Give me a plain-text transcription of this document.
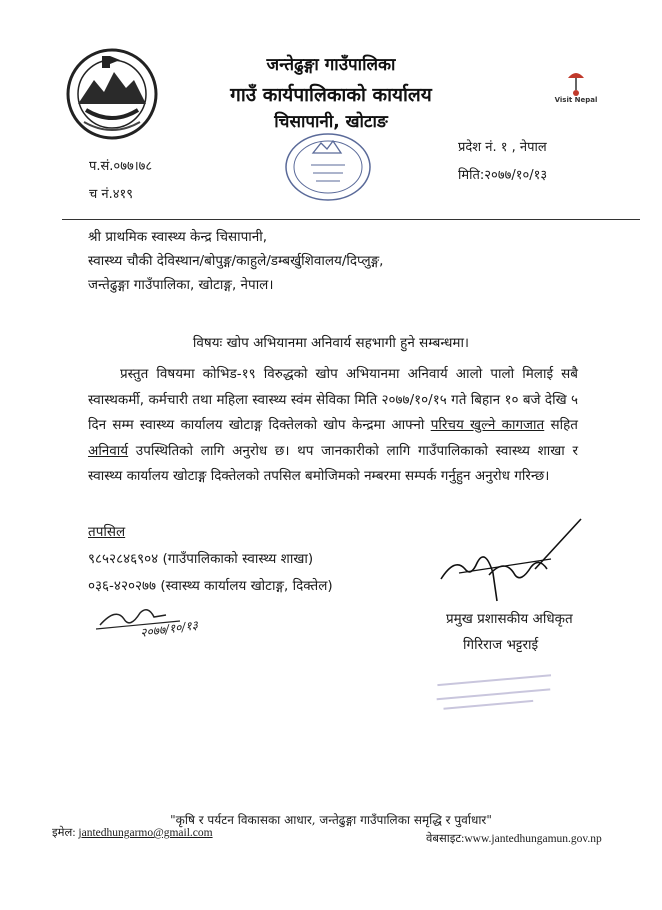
Visit Nepal
जन्तेढुङ्गा गाउँपालिका
गाउँ कार्यपालिकाको कार्यालय
चिसापानी, खोटाङ
प्रदेश नं. १ , नेपाल
मिति:२०७७/१०/१३
प.सं.०७७।७८
च नं.४१९
श्री प्राथमिक स्वास्थ्य केन्द्र चिसापानी,
स्वास्थ्य चौकी देविस्थान/बोपुङ्ग/काहुले/डम्बर्खुशिवालय/दिप्लुङ्ग,
जन्तेढुङ्गा गाउँपालिका, खोटाङ्ग, नेपाल।
विषयः खोप अभियानमा अनिवार्य सहभागी हुने सम्बन्धमा।

प्रस्तुत विषयमा कोभिड-१९ विरुद्धको खोप अभियानमा अनिवार्य आलो पालो मिलाई सबै स्वास्थकर्मी, कर्मचारी तथा महिला स्वास्थ्य स्वंम सेविका मिति २०७७/१०/१५ गते बिहान १० बजे देखि ५ दिन सम्म स्वास्थ्य कार्यालय खोटाङ्ग दिक्तेलको खोप केन्द्रमा आफ्नो परिचय खुल्ने कागजात सहित अनिवार्य उपस्थितिको लागि अनुरोध छ। थप जानकारीको लागि गाउँपालिकाको स्वास्थ्य शाखा र स्वास्थ्य कार्यालय खोटाङ्ग दिक्तेलको तपसिल बमोजिमको नम्बरमा सम्पर्क गर्नुहुन अनुरोध गरिन्छ।

तपसिल
९८५२८४६९०४ (गाउँपालिकाको स्वास्थ्य शाखा)
०३६-४२०२७७ (स्वास्थ्य कार्यालय खोटाङ्ग, दिक्तेल)
२०७७/१०/१३	प्रमुख प्रशासकीय अधिकृत
गिरिराज भट्टराई
"कृषि र पर्यटन विकासका आधार, जन्तेढुङ्गा गाउँपालिका समृद्धि र पुर्वाधार"
इमेल: jantedhungarmo@gmail.com	वेबसाइट:www.jantedhungamun.gov.np
